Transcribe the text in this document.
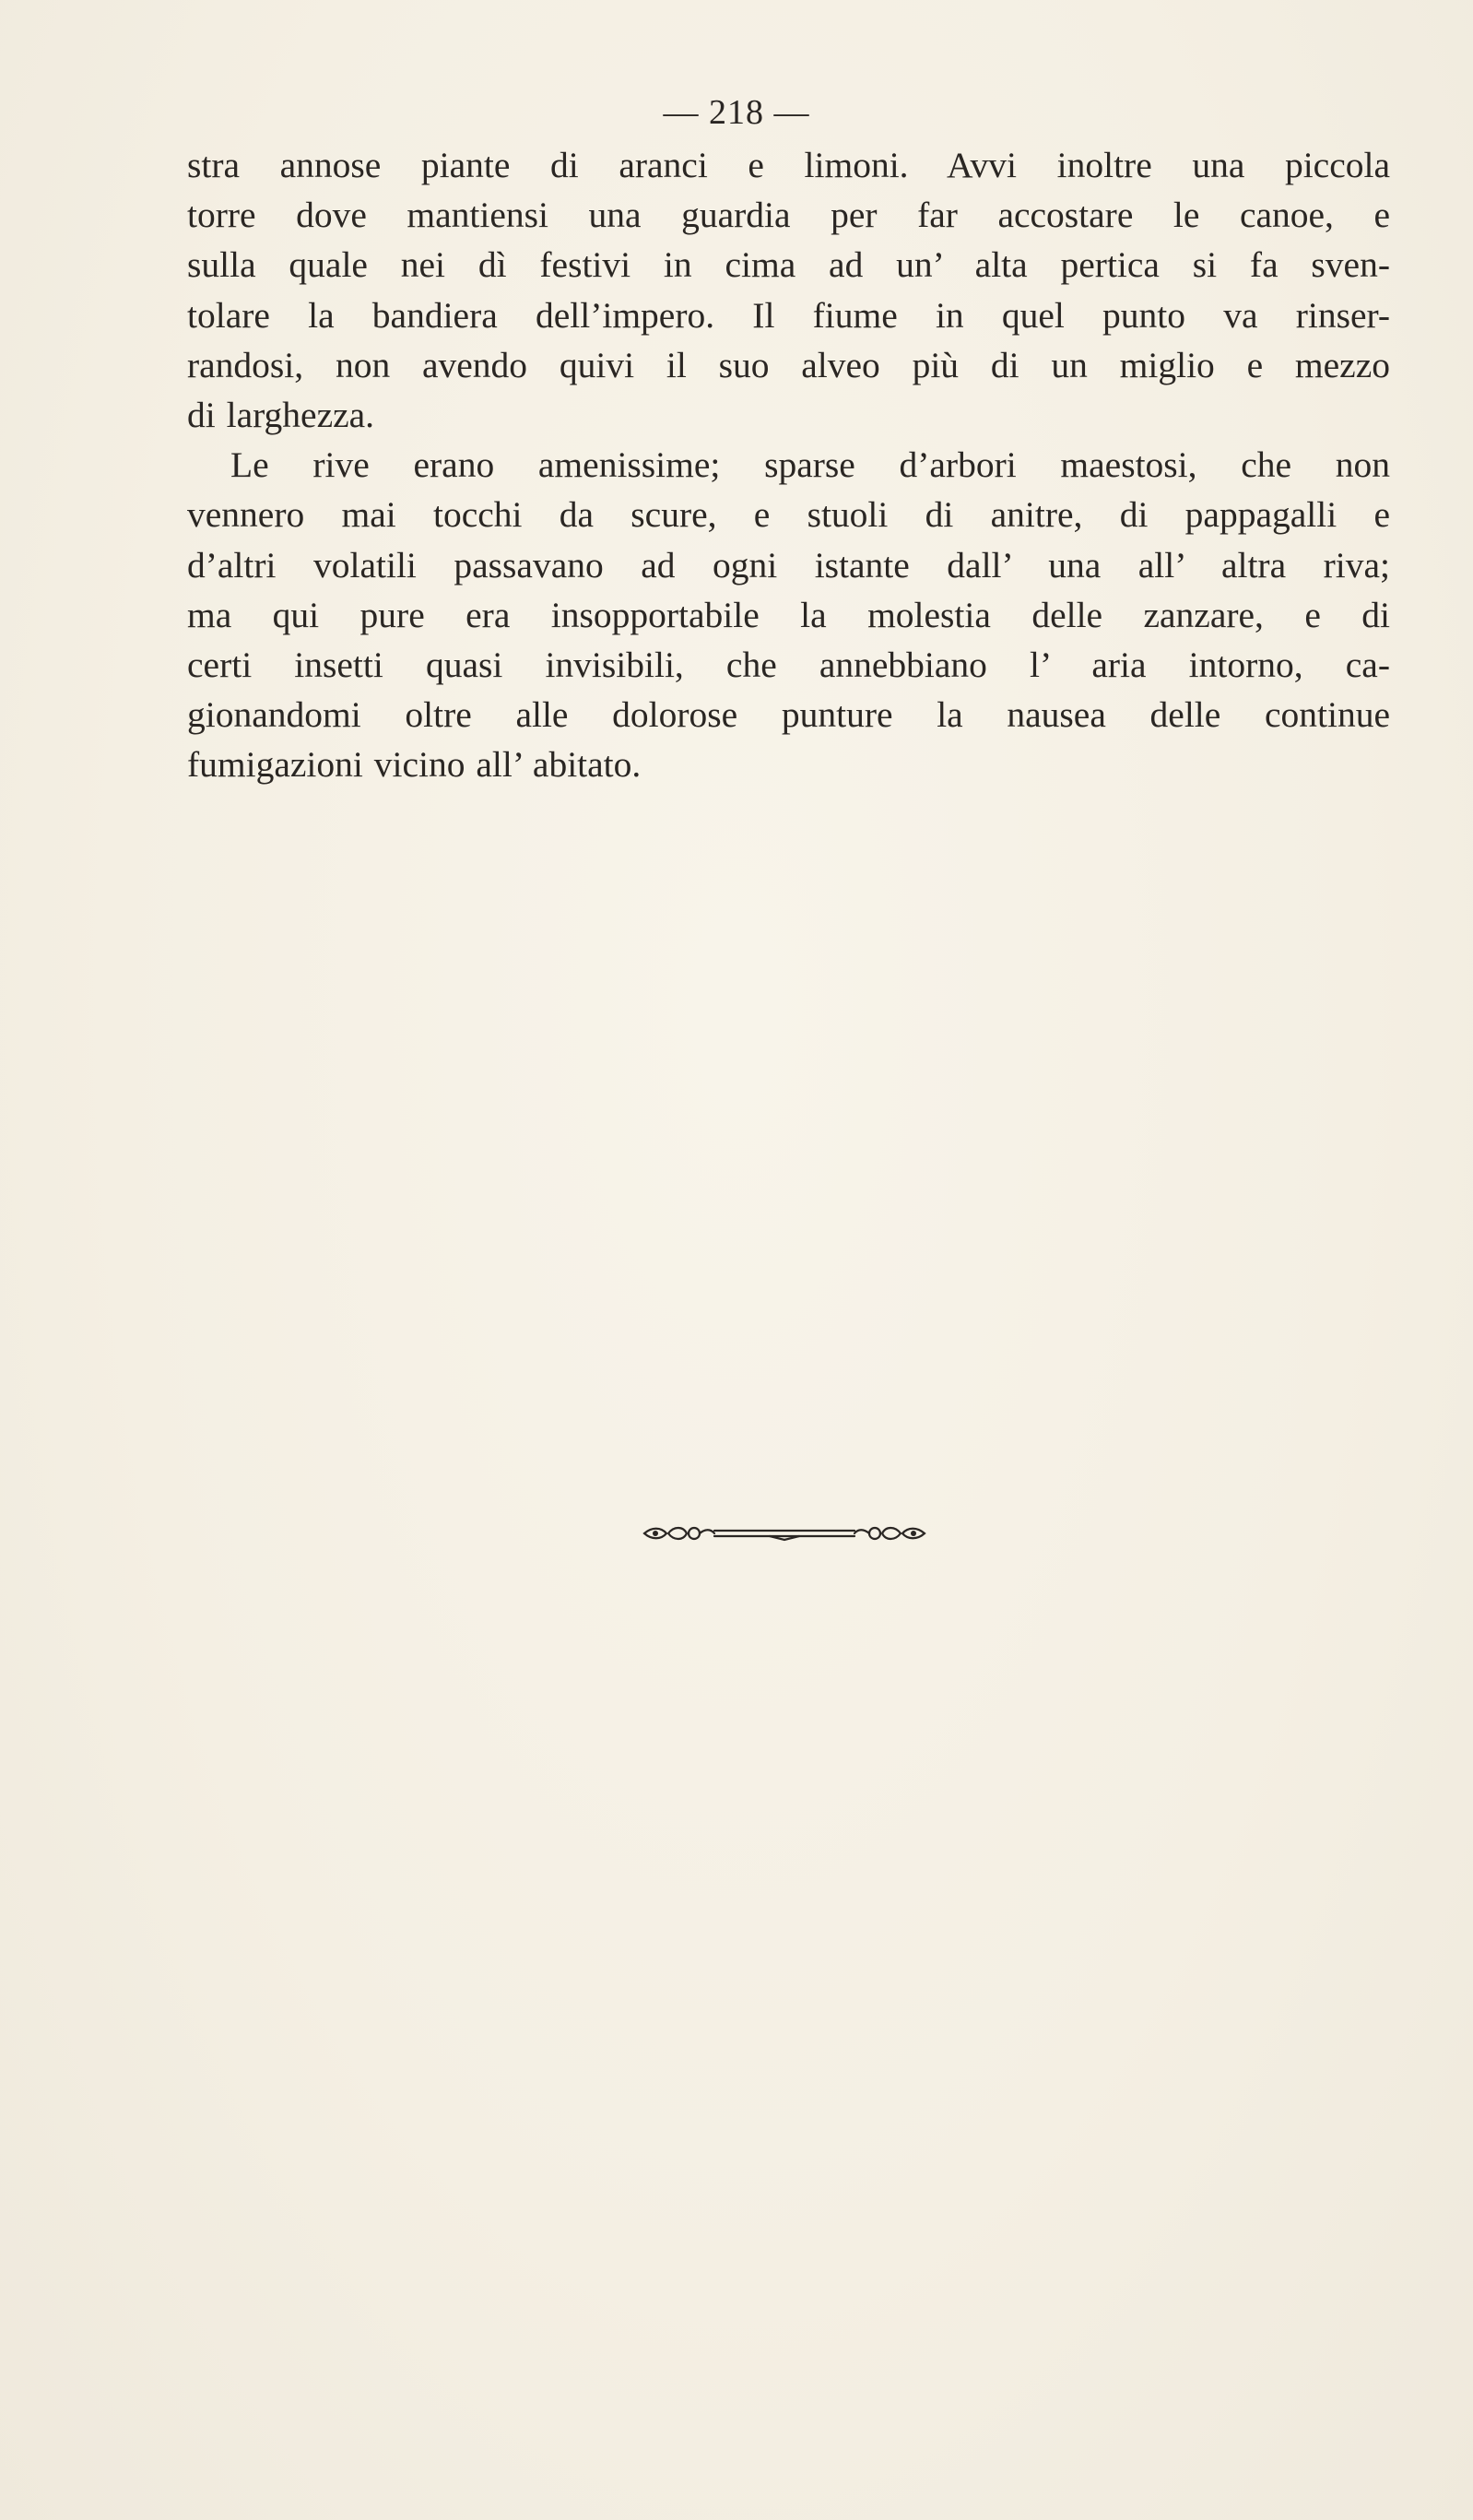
— 218 —
stra annose piante di aranci e limoni. Avvi inoltre una piccola
torre dove mantiensi una guardia per far accostare le canoe, e
sulla quale nei dì festivi in cima ad un’ alta pertica si fa sven-
tolare la bandiera dell’impero. Il fiume in quel punto va rinser-
randosi, non avendo quivi il suo alveo più di un miglio e mezzo
di larghezza.
Le rive erano amenissime; sparse d’arbori maestosi, che non
vennero mai tocchi da scure, e stuoli di anitre, di pappagalli e
d’altri volatili passavano ad ogni istante dall’ una all’ altra riva;
ma qui pure era insopportabile la molestia delle zanzare, e di
certi insetti quasi invisibili, che annebbiano l’ aria intorno, ca-
gionandomi oltre alle dolorose punture la nausea delle continue
fumigazioni vicino all’ abitato.
